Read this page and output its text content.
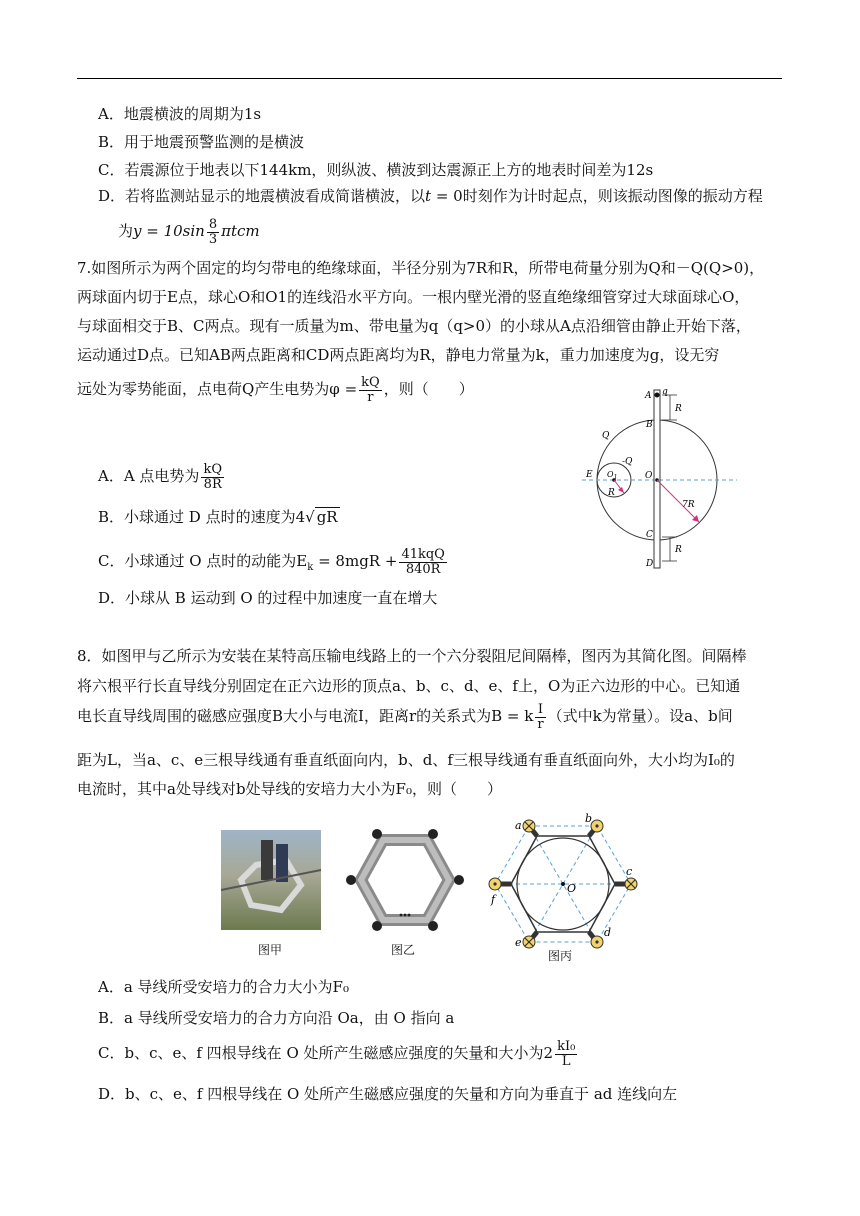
A．地震横波的周期为1s
B．用于地震预警监测的是横波
C．若震源位于地表以下144km，则纵波、横波到达震源正上方的地表时间差为12s
D．若将监测站显示的地震横波看成简谐横波，以t = 0时刻作为计时起点，则该振动图像的振动方程
为$y = 10\sin \frac{8}{3}$ πtcm
7.如图所示为两个固定的均匀带电的绝缘球面，半径分别为7R和R，所带电荷量分别为Q和－Q(Q>0)，
两球面内切于E点，球心O和O1的连线沿水平方向。一根内壁光滑的竖直绝缘细管穿过大球面球心O，
与球面相交于B、C两点。现有一质量为m、带电量为q（q>0）的小球从A点沿细管由静止开始下落，
运动通过D点。已知AB两点距离和CD两点距离均为R，静电力常量为k，重力加速度为g，设无穷
远处为零势能面，点电荷Q产生电势为$\varphi = \frac{kQ}{r}$ ，则（　　）
A．A 点电势为 $\frac{kQ}{8R}$
B．小球通过 D 点时的速度为4√ gR
C．小球通过 O 点时的动能为$E_k = 8mgR + \frac{\text{41kqQ}}{840R}$
D．小球从 B 运动到 O 的过程中加速度一直在增大
A q
R
B
Q
-Q
E $O_1$	O
R
7R
C
R
D
8．如图甲与乙所示为安装在某特高压输电线路上的一个六分裂阻尼间隔棒，图丙为其简化图。间隔棒
将六根平行长直导线分别固定在正六边形的顶点a、b、c、d、e、f上，O为正六边形的中心。已知通
电长直导线周围的磁感应强度B大小与电流I，距离r的关系式为B = k $\frac{I}{r}$ （式中k为常量）。设a、b间
距为L，当a、c、e三根导线通有垂直纸面向内，b、d、f三根导线通有垂直纸面向外，大小均为I₀的
电流时，其中a处导线对b处导线的安培力大小为F₀，则（　　）
图甲	图乙
a
b
c
d
e
f
O
图丙
A．a 导线所受安培力的合力大小为F₀
B．a 导线所受安培力的合力方向沿 Oa，由 O 指向 a
C．b、c、e、f 四根导线在 O 处所产生磁感应强度的矢量和大小为$2 \frac{\text{kI₀}}{L}$
D．b、c、e、f 四根导线在 O 处所产生磁感应强度的矢量和方向为垂直于 ad 连线向左
